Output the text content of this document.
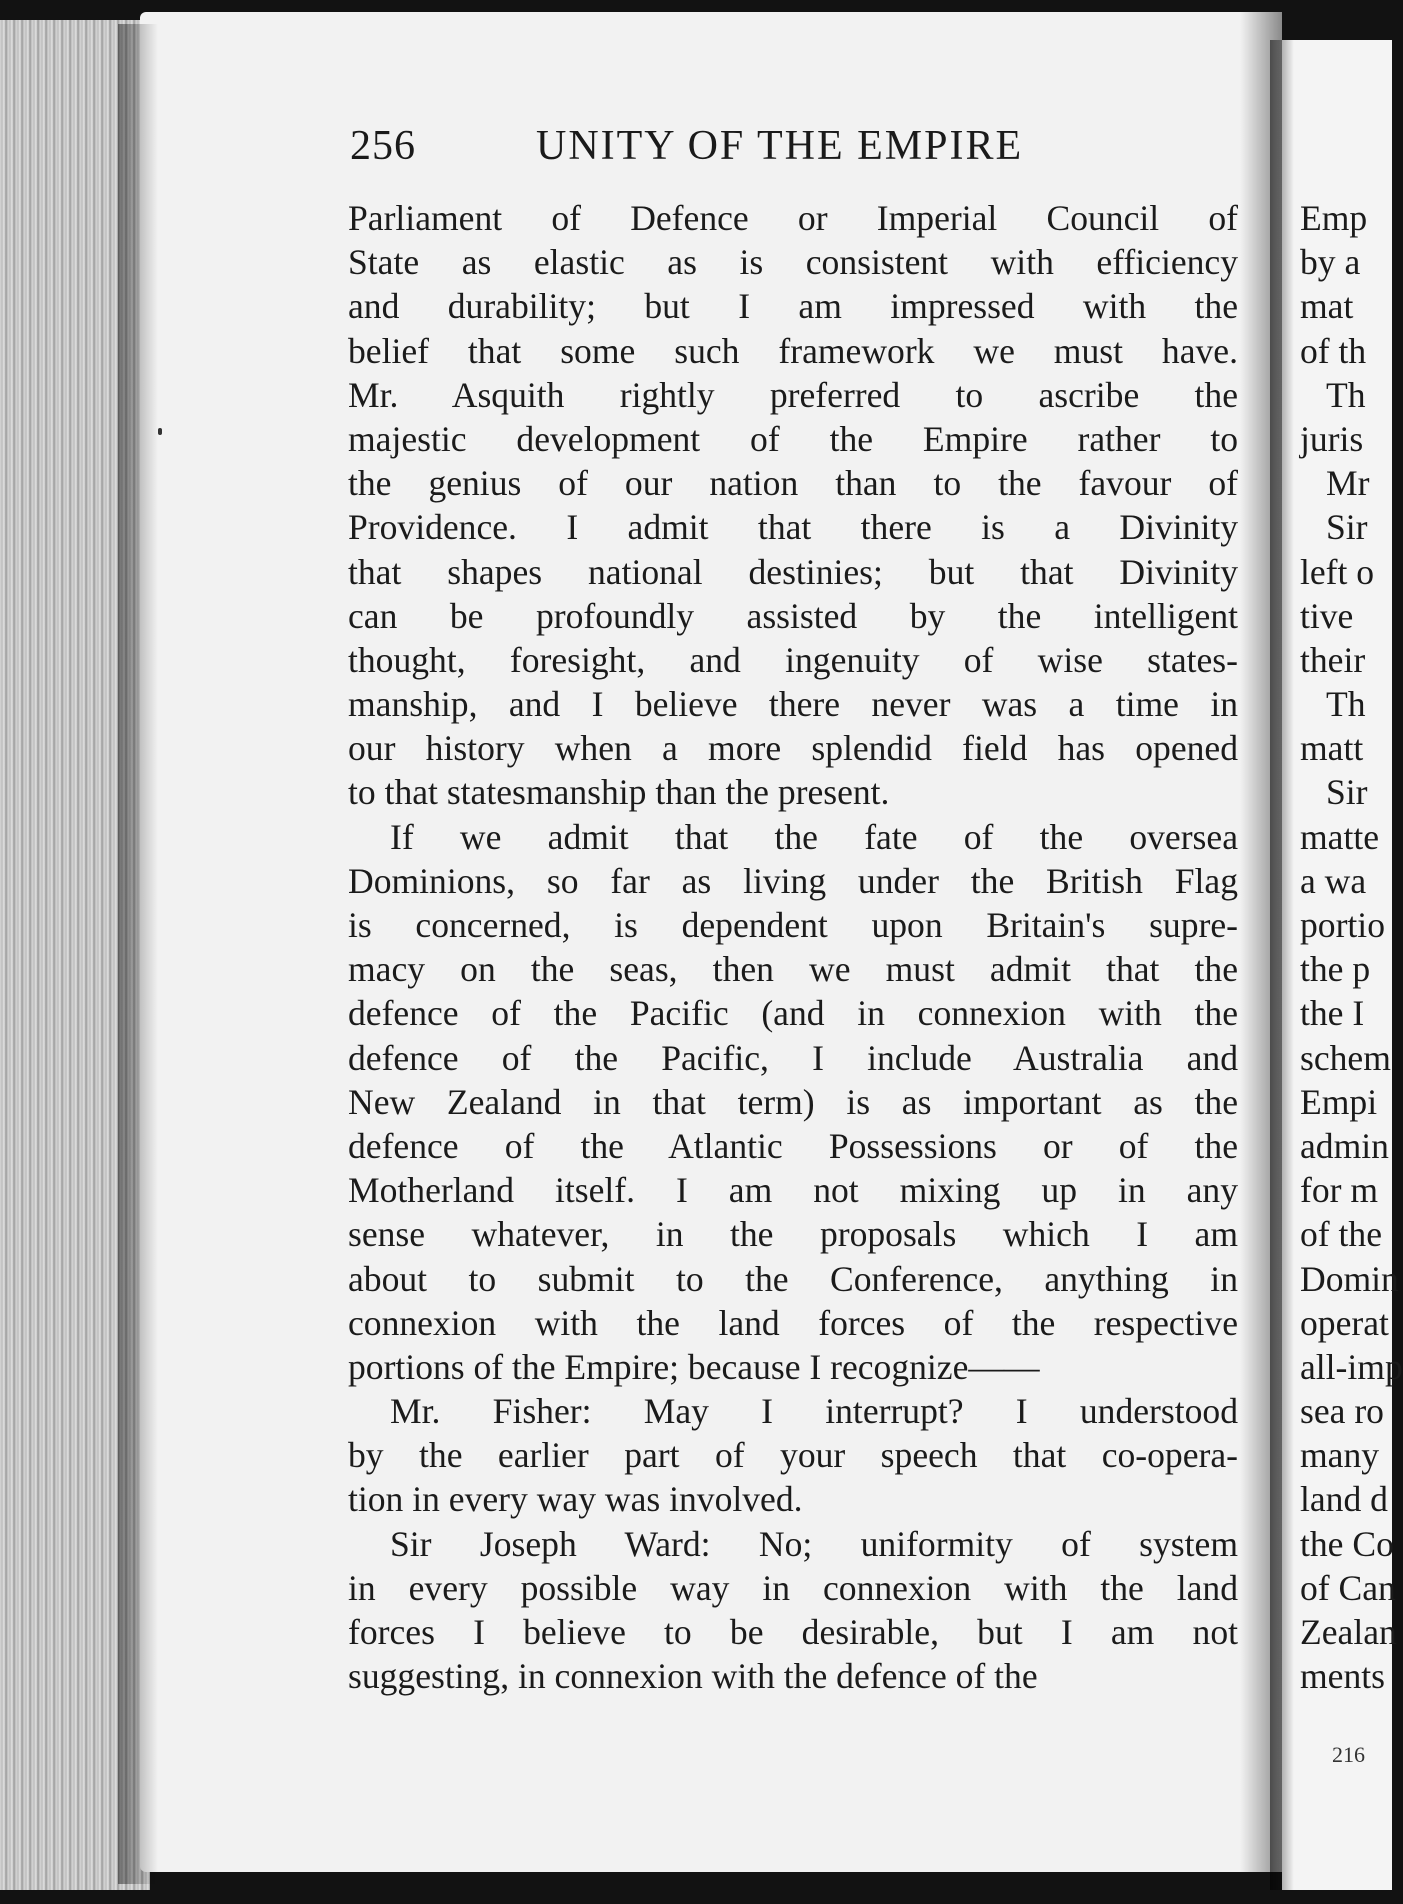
256	UNITY OF THE EMPIRE
Parliament of Defence or Imperial Council of
State as elastic as is consistent with efficiency
and durability; but I am impressed with the
belief that some such framework we must have.
Mr. Asquith rightly preferred to ascribe the
majestic development of the Empire rather to
the genius of our nation than to the favour of
Providence. I admit that there is a Divinity
that shapes national destinies; but that Divinity
can be profoundly assisted by the intelligent
thought, foresight, and ingenuity of wise states-
manship, and I believe there never was a time in
our history when a more splendid field has opened
to that statesmanship than the present.
If we admit that the fate of the oversea
Dominions, so far as living under the British Flag
is concerned, is dependent upon Britain's supre-
macy on the seas, then we must admit that the
defence of the Pacific (and in connexion with the
defence of the Pacific, I include Australia and
New Zealand in that term) is as important as the
defence of the Atlantic Possessions or of the
Motherland itself. I am not mixing up in any
sense whatever, in the proposals which I am
about to submit to the Conference, anything in
connexion with the land forces of the respective
portions of the Empire; because I recognize——
Mr. Fisher: May I interrupt? I understood
by the earlier part of your speech that co-opera-
tion in every way was involved.
Sir Joseph Ward: No; uniformity of system
in every possible way in connexion with the land
forces I believe to be desirable, but I am not
suggesting, in connexion with the defence of the
Emp
by a
mat
of th
Th
juris
Mr
Sir
left o
tive
their
Th
matt
Sir
matte
a wa
portio
the p
the I
schem
Empi
admin
for m
of the
Domin
operat
all-imp
sea ro
many
land d
the Co
of Can
Zealan
ments
216
